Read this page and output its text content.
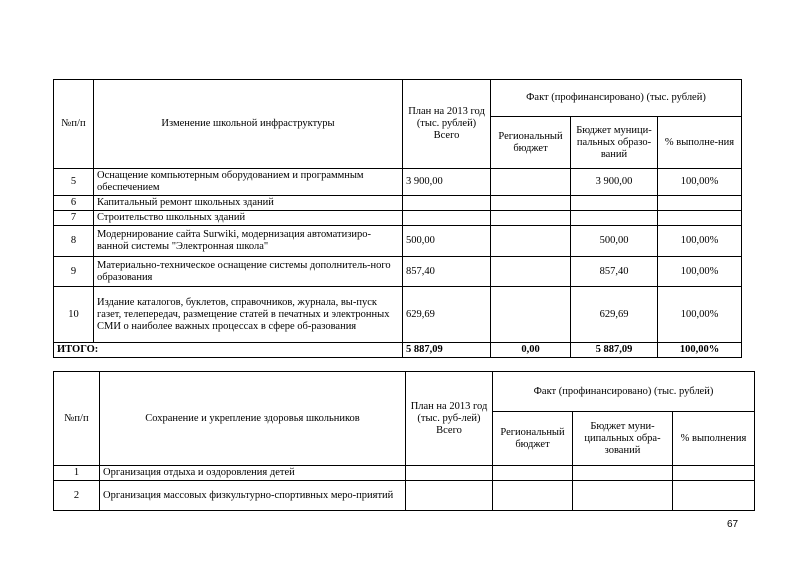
№п/п	Изменение школьной инфраструктуры	План на 2013 год (тыс. рублей) Всего	Факт (профинансировано) (тыс. рублей)		
			Региональный бюджет	Бюджет муници-пальных образо-ваний	% выполне-ния
5	Оснащение компьютерным оборудованием и программным обеспечением	3 900,00		3 900,00	100,00%
6	Капитальный ремонт школьных зданий				
7	Строительство школьных зданий				
8	Модернирование сайта Surwiki, модернизация автоматизиро-ванной системы "Электронная школа"	500,00		500,00	100,00%
9	Материально-техническое оснащение системы дополнитель-ного образования	857,40		857,40	100,00%
10	Издание каталогов, буклетов, справочников, журнала, вы-пуск газет, телепередач, размещение статей в печатных и электронных СМИ о наиболее важных процессах в сфере об-разования	629,69		629,69	100,00%
ИТОГО:		5 887,09	0,00	5 887,09	100,00%
№п/п	Сохранение и укрепление здоровья школьников	План на 2013 год (тыс. руб-лей) Всего	Факт (профинансировано) (тыс. рублей)		
			Региональный бюджет	Бюджет муни-ципальных обра-зований	% выполнения
1	Организация отдыха и оздоровления детей				
2	Организация массовых физкультурно-спортивных меро-приятий				
67
